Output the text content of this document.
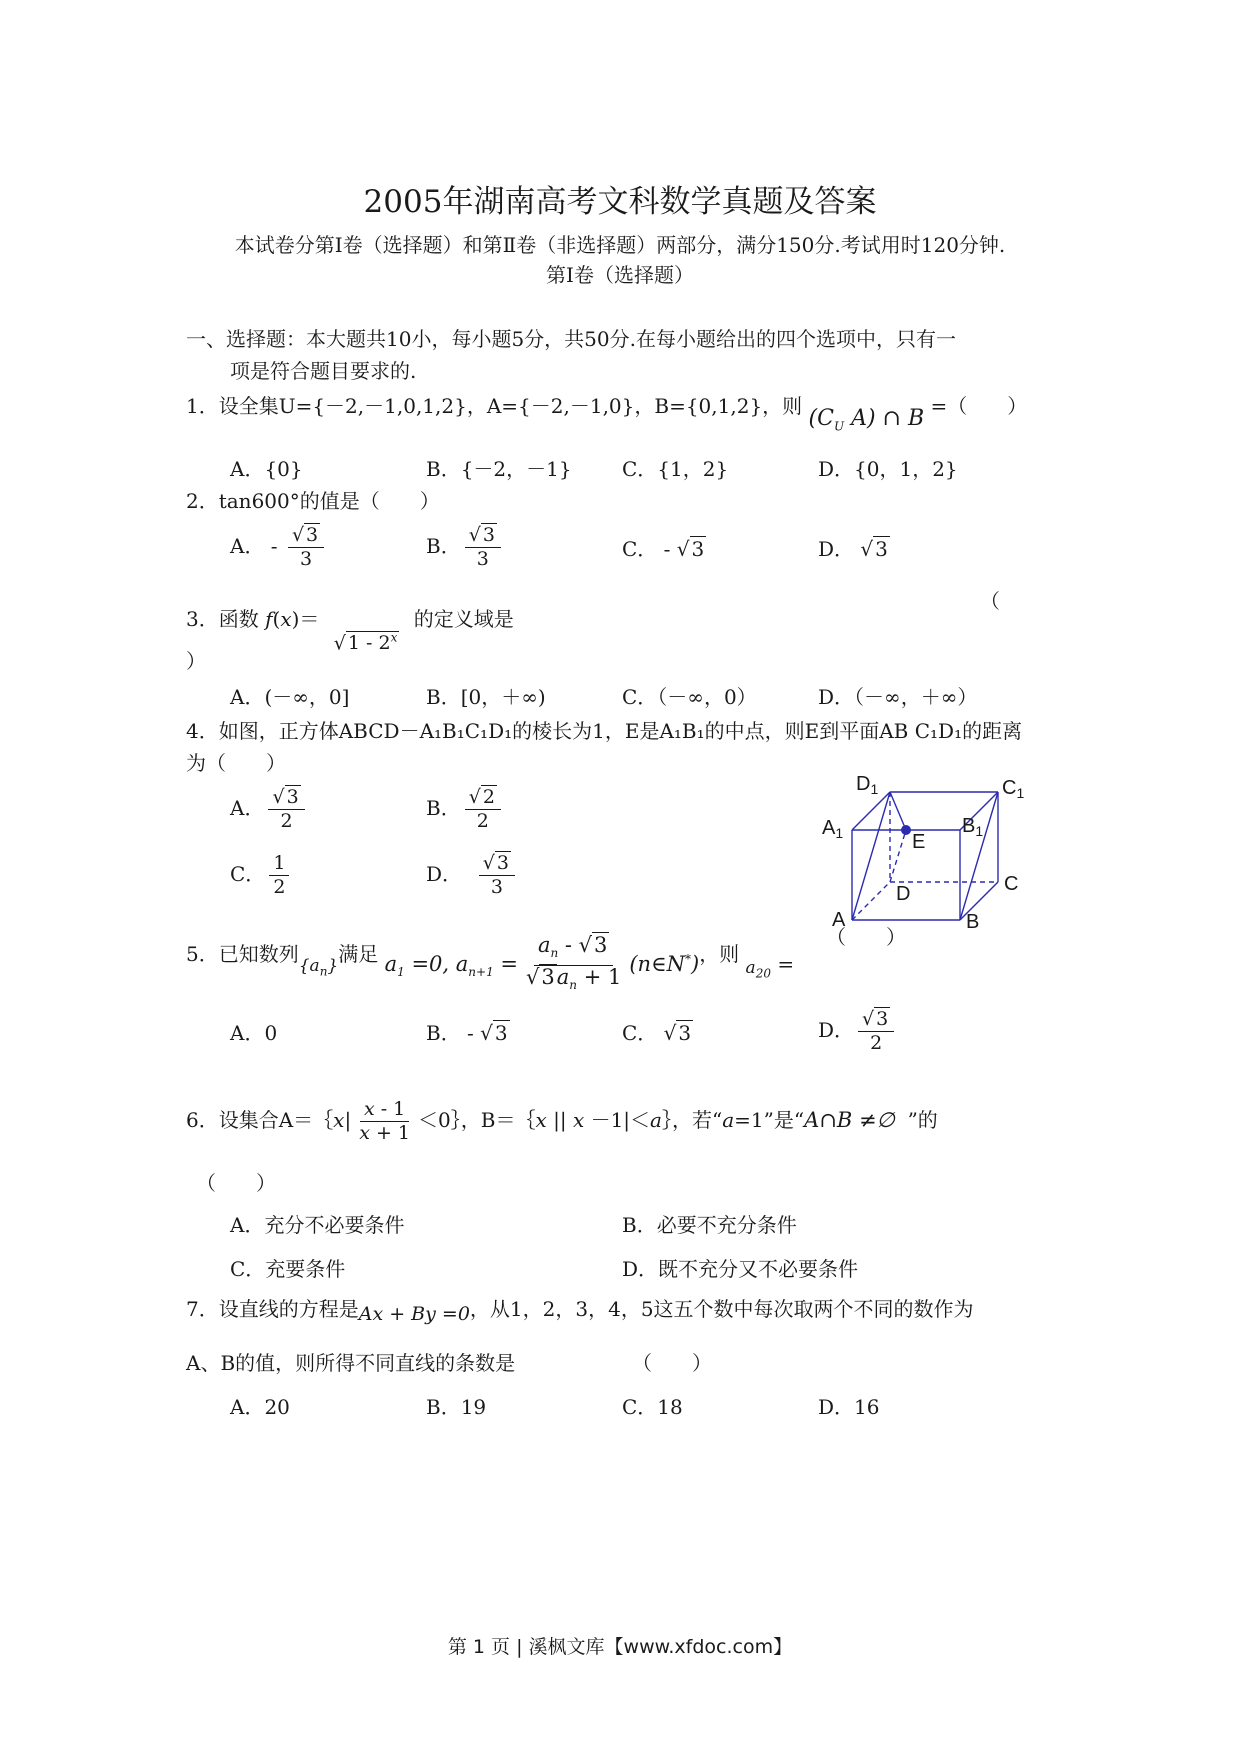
2005年湖南高考文科数学真题及答案
本试卷分第Ⅰ卷（选择题）和第Ⅱ卷（非选择题）两部分，满分150分.考试用时120分钟.
第Ⅰ卷（选择题）
一、选择题：本大题共10小，每小题5分，共50分.在每小题给出的四个选项中，只有一
项是符合题目要求的.
1．设全集U={－2,－1,0,1,2}，A={－2,－1,0}，B={0,1,2}，则 ($C_U$ A) ∩ B =（　　）
A．{0}	B．{－2，－1}	C．{1，2}	D．{0，1，2}
2．tan600°的值是（　　）
A． - $\frac{√ 3}{3}$	B． $\frac{√ 3}{3}$	C． - √ 3	D． √ 3
3．函数 f(x)＝

√ 1 - 2$^x$
的定义域是
（
）
A．(－∞，0]	B．[0，＋∞)	C．（－∞，0）	D．（－∞，＋∞）
4．如图，正方体ABCD－A₁B₁C₁D₁的棱长为1，E是A₁B₁的中点，则E到平面AB C₁D₁的距离
为（　　）
A． $\frac{√ 3}{2}$	B． $\frac{√ 2}{2}$
C． $\frac{1}{2}$	D． $\frac{√ 3}{3}$
$D_1$	$C_1$
$A_1$	$B_1$
E
D	C
A	B
5．已知数列$_{\{a_n\}}$满足 $a_1 =0$, $a_{n+1} = \frac{a_n - √3}{√3a_n + 1}$ (n∈N*)，则 $_{a_{20}}$ =
（　　）
A．0	B． - √ 3	C． √ 3	D． $\frac{√ 3}{2}$
6．设集合A＝｛x| $\frac{x - 1}{x + 1}$ ＜0｝，B＝｛x || x －1|＜a｝，若“a=1”是“A∩B ≠∅ ”的
（　　）
A．充分不必要条件	B．必要不充分条件
C．充要条件	D．既不充分又不必要条件
7．设直线的方程是Ax + By =0，从1，2，3，4，5这五个数中每次取两个不同的数作为
A、B的值，则所得不同直线的条数是	（　　）
A．20	B．19	C．18	D．16
第 1 页 | 溪枫文库【www.xfdoc.com】
